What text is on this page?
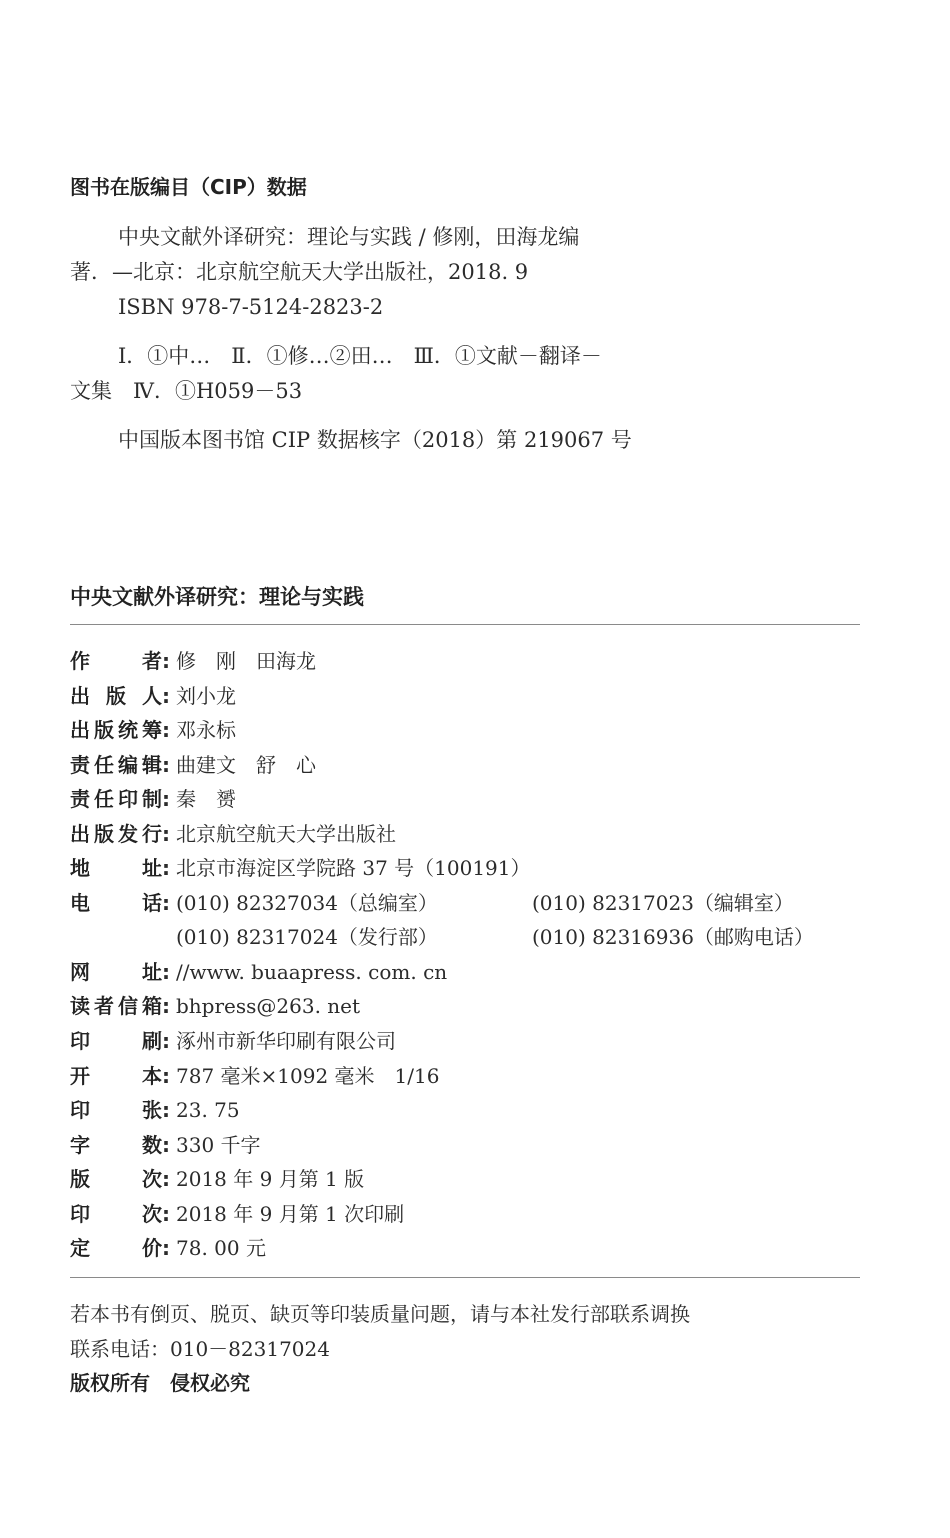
图书在版编目（CIP）数据
中央文献外译研究：理论与实践 / 修刚，田海龙编
著．—北京：北京航空航天大学出版社，2018. 9
ISBN 978-7-5124-2823-2
Ⅰ．①中…　Ⅱ．①修…②田…　Ⅲ．①文献－翻译－
文集　Ⅳ．①H059－53
中国版本图书馆 CIP 数据核字（2018）第 219067 号
中央文献外译研究：理论与实践
作者: 修　刚　田海龙
出版人: 刘小龙
出版统筹: 邓永标
责任编辑: 曲建文　舒　心
责任印制: 秦　赟
出版发行: 北京航空航天大学出版社
地址: 北京市海淀区学院路 37 号（100191）
电话: (010) 82327034（总编室）	(010) 82317023（编辑室）
(010) 82317024（发行部）	(010) 82316936（邮购电话）
网址: //www. buaapress. com. cn
读者信箱: bhpress@263. net
印刷: 涿州市新华印刷有限公司
开本: 787 毫米×1092 毫米　1/16
印张: 23. 75
字数: 330 千字
版次: 2018 年 9 月第 1 版
印次: 2018 年 9 月第 1 次印刷
定价: 78. 00 元
若本书有倒页、脱页、缺页等印装质量问题，请与本社发行部联系调换
联系电话：010－82317024
版权所有　侵权必究
